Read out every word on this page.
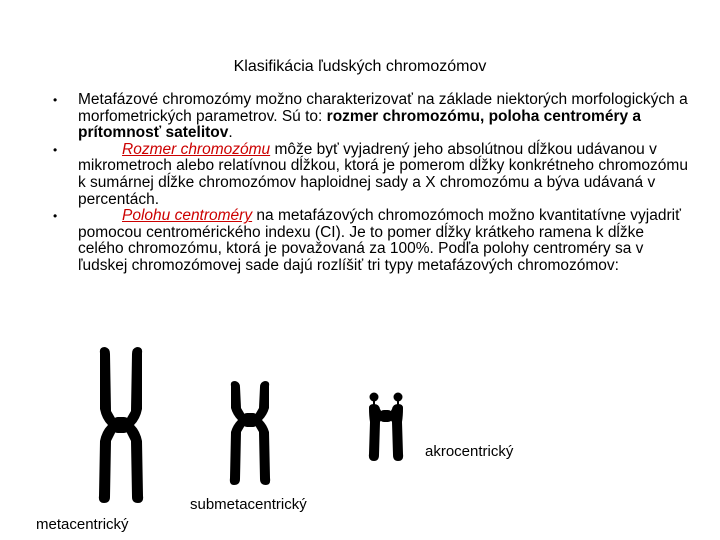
Klasifikácia ľudských chromozómov

• Metafázové chromozómy možno charakterizovať na základe niektorých morfologických a morfometrických parametrov. Sú to: rozmer chromozómu, poloha centroméry a prítomnosť satelitov.

•	Rozmer chromozómu môže byť vyjadrený jeho absolútnou dĺžkou udávanou v mikrometroch alebo relatívnou dĺžkou, ktorá je pomerom dĺžky konkrétneho chromozómu k sumárnej dĺžke chromozómov haploidnej sady a X chromozómu a býva udávaná v percentách.

•	Polohu centroméry na metafázových chromozómoch možno kvantitatívne vyjadriť pomocou centromérického indexu (CI). Je to pomer dĺžky krátkeho ramena k dĺžke celého chromozómu, ktorá je považovaná za 100%. Podľa polohy centroméry sa v ľudskej chromozómovej sade dajú rozlíšiť tri typy metafázových chromozómov:

akrocentrický
submetacentrický
metacentrický
